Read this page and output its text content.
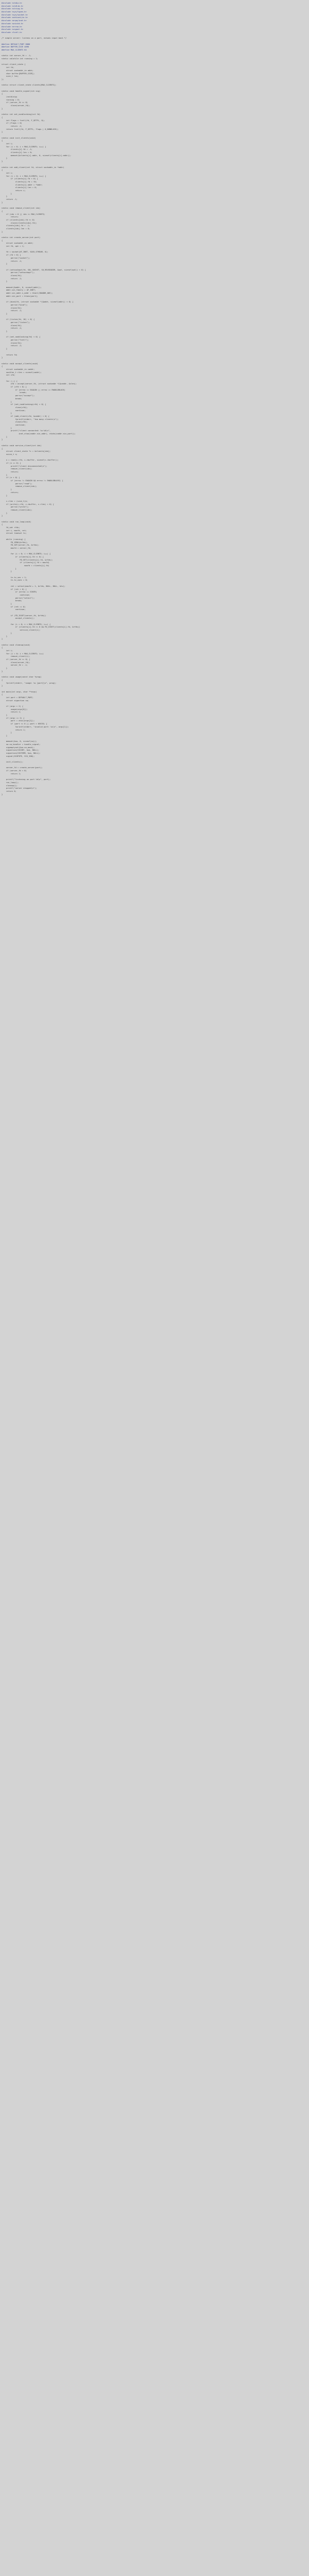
#include <stdio.h>
#include <stdlib.h>
#include <string.h>
#include <sys/types.h>
#include <sys/socket.h>
#include <netinet/in.h>
#include <arpa/inet.h>
#include <unistd.h>
#include <errno.h>
#include <signal.h>
#include <fcntl.h>
/* simple server: listens on a port, echoes input back */
#define DEFAULT_PORT 8080
#define BUFFER_SIZE 4096
#define MAX_CLIENTS 64
static int server_fd = -1;
static volatile int running = 1;
struct client_state {
int fd;
struct sockaddr_in addr;
char buffer[BUFFER_SIZE];
size_t len;
};
static struct client_state clients[MAX_CLIENTS];
static void handle_signal(int sig)
{
(void)sig;
running = 0;
if (server_fd >= 0)
close(server_fd);
}
static int set_nonblocking(int fd)
{
int flags = fcntl(fd, F_GETFL, 0);
if (flags < 0)
return -1;
return fcntl(fd, F_SETFL, flags | O_NONBLOCK);
}
static void init_clients(void)
{
int i;
for (i = 0; i < MAX_CLIENTS; i++) {
clients[i].fd = -1;
clients[i].len = 0;
memset(&clients[i].addr, 0, sizeof(clients[i].addr));
}
}
static int add_client(int fd, struct sockaddr_in *addr)
{
int i;
for (i = 0; i < MAX_CLIENTS; i++) {
if (clients[i].fd < 0) {
clients[i].fd = fd;
clients[i].addr = *addr;
clients[i].len = 0;
return i;
}
}
return -1;
}
static void remove_client(int idx)
{
if (idx < 0 || idx >= MAX_CLIENTS)
return;
if (clients[idx].fd >= 0)
close(clients[idx].fd);
clients[idx].fd = -1;
clients[idx].len = 0;
}
static int create_server(int port)
{
struct sockaddr_in addr;
int fd, opt = 1;
fd = socket(AF_INET, SOCK_STREAM, 0);
if (fd < 0) {
perror("socket");
return -1;
}
if (setsockopt(fd, SOL_SOCKET, SO_REUSEADDR, &opt, sizeof(opt)) < 0) {
perror("setsockopt");
close(fd);
return -1;
}
memset(&addr, 0, sizeof(addr));
addr.sin_family = AF_INET;
addr.sin_addr.s_addr = htonl(INADDR_ANY);
addr.sin_port = htons(port);
if (bind(fd, (struct sockaddr *)&addr, sizeof(addr)) < 0) {
perror("bind");
close(fd);
return -1;
}
if (listen(fd, 16) < 0) {
perror("listen");
close(fd);
return -1;
}
if (set_nonblocking(fd) < 0) {
perror("fcntl");
close(fd);
return -1;
}
return fd;
}
static void accept_clients(void)
{
struct sockaddr_in caddr;
socklen_t clen = sizeof(caddr);
int cfd;
for (;;) {
cfd = accept(server_fd, (struct sockaddr *)&caddr, &clen);
if (cfd < 0) {
if (errno == EAGAIN || errno == EWOULDBLOCK)
break;
perror("accept");
break;
}
if (set_nonblocking(cfd) < 0) {
close(cfd);
continue;
}
if (add_client(cfd, &caddr) < 0) {
fprintf(stderr, "too many clients\n");
close(cfd);
continue;
}
printf("client connected: %s:%d\n",
inet_ntoa(caddr.sin_addr), ntohs(caddr.sin_port));
}
}
static void service_client(int idx)
{
struct client_state *c = &clients[idx];
ssize_t n;
n = read(c->fd, c->buffer, sizeof(c->buffer));
if (n == 0) {
printf("client disconnected\n");
remove_client(idx);
return;
}
if (n < 0) {
if (errno != EAGAIN && errno != EWOULDBLOCK) {
perror("read");
remove_client(idx);
}
return;
}
c->len = (size_t)n;
if (write(c->fd, c->buffer, c->len) < 0) {
perror("write");
remove_client(idx);
}
}
static void run_loop(void)
{
fd_set rfds;
int i, maxfd, ret;
struct timeval tv;
while (running) {
FD_ZERO(&rfds);
FD_SET(server_fd, &rfds);
maxfd = server_fd;
for (i = 0; i < MAX_CLIENTS; i++) {
if (clients[i].fd >= 0) {
FD_SET(clients[i].fd, &rfds);
if (clients[i].fd > maxfd)
maxfd = clients[i].fd;
}
}
tv.tv_sec = 1;
tv.tv_usec = 0;
ret = select(maxfd + 1, &rfds, NULL, NULL, &tv);
if (ret < 0) {
if (errno == EINTR)
continue;
perror("select");
break;
}
if (ret == 0)
continue;
if (FD_ISSET(server_fd, &rfds))
accept_clients();
for (i = 0; i < MAX_CLIENTS; i++) {
if (clients[i].fd >= 0 && FD_ISSET(clients[i].fd, &rfds))
service_client(i);
}
}
}
static void cleanup(void)
{
int i;
for (i = 0; i < MAX_CLIENTS; i++)
remove_client(i);
if (server_fd >= 0) {
close(server_fd);
server_fd = -1;
}
}
static void usage(const char *prog)
{
fprintf(stderr, "usage: %s [port]\n", prog);
}
int main(int argc, char **argv)
{
int port = DEFAULT_PORT;
struct sigaction sa;
if (argc > 2) {
usage(argv[0]);
return 1;
}
if (argc == 2) {
port = atoi(argv[1]);
if (port <= 0 || port > 65535) {
fprintf(stderr, "invalid port: %s\n", argv[1]);
return 1;
}
}
memset(&sa, 0, sizeof(sa));
sa.sa_handler = handle_signal;
sigemptyset(&sa.sa_mask);
sigaction(SIGINT, &sa, NULL);
sigaction(SIGTERM, &sa, NULL);
signal(SIGPIPE, SIG_IGN);
init_clients();
server_fd = create_server(port);
if (server_fd < 0)
return 1;
printf("listening on port %d\n", port);
run_loop();
cleanup();
printf("server stopped\n");
return 0;
}
